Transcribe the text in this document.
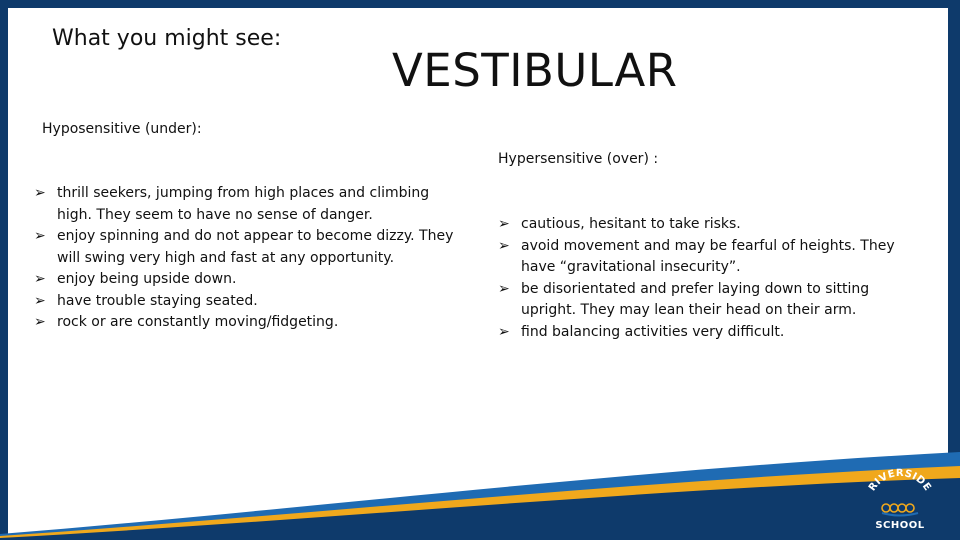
What you might see:
VESTIBULAR
Hyposensitive (under):
➢ thrill seekers, jumping from high places and climbing high. They seem to have no sense of danger.
➢ enjoy spinning and do not appear to become dizzy. They will swing very high and fast at any opportunity.
➢ enjoy being upside down.
➢ have trouble staying seated.
➢ rock or are constantly moving/fidgeting.
Hypersensitive (over) :
➢ cautious, hesitant to take risks.
➢ avoid movement and may be fearful of heights. They have “gravitational insecurity”.
➢ be disorientated and prefer laying down to sitting upright. They may lean their head on their arm.
➢ find balancing activities very difficult.
RIVERSIDE
SCHOOL
